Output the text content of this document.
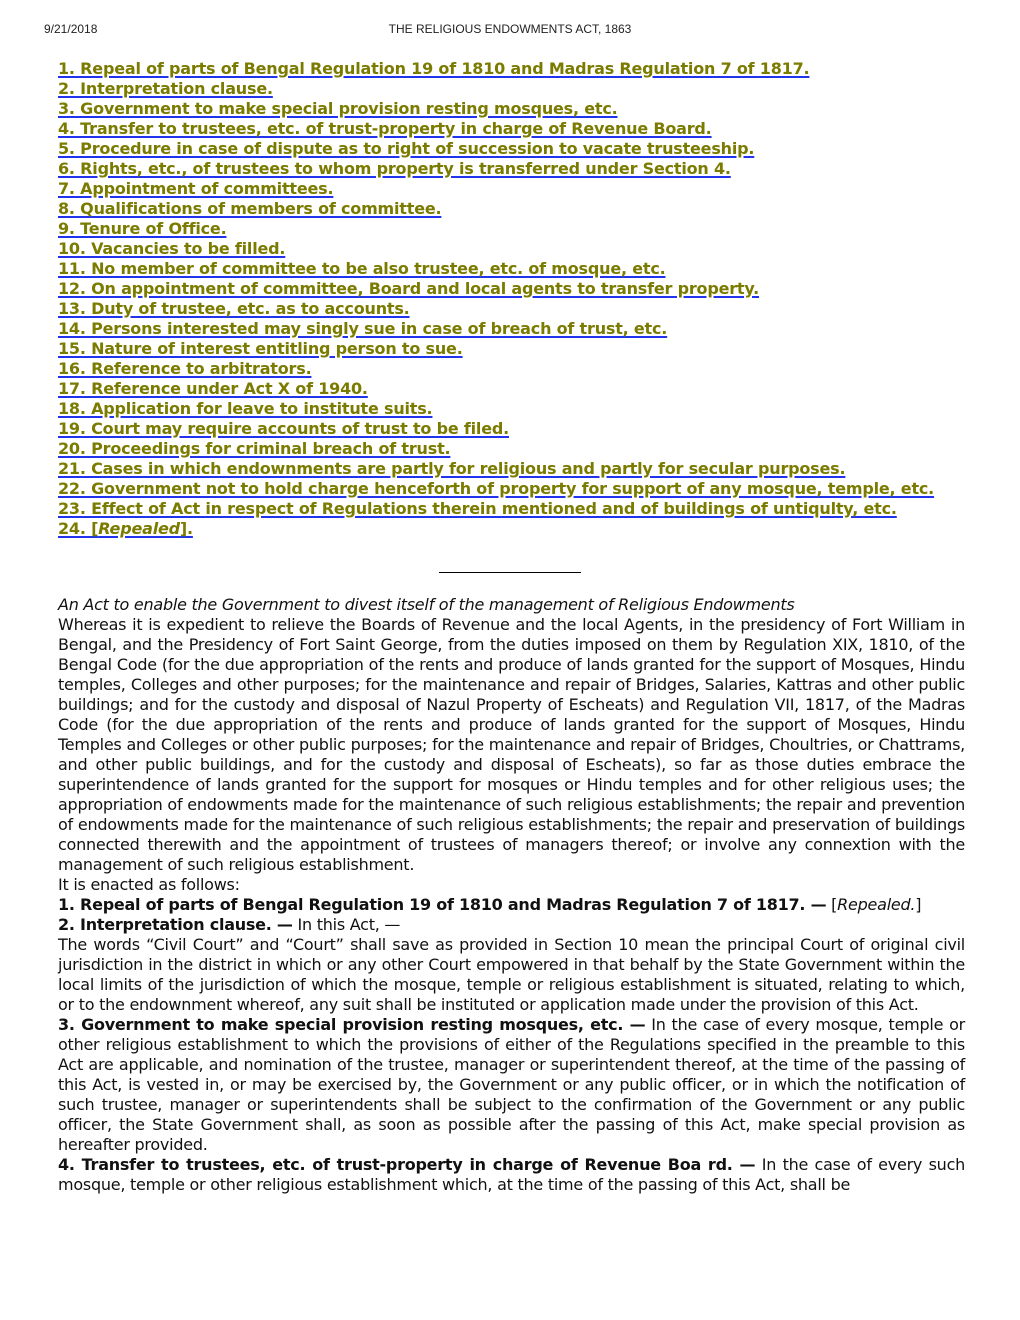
9/21/2018	THE RELIGIOUS ENDOWMENTS ACT, 1863
1. Repeal of parts of Bengal Regulation 19 of 1810 and Madras Regulation 7 of 1817.
2. Interpretation clause.
3. Government to make special provision resting mosques, etc.
4. Transfer to trustees, etc. of trust-property in charge of Revenue Board.
5. Procedure in case of dispute as to right of succession to vacate trusteeship.
6. Rights, etc., of trustees to whom property is transferred under Section 4.
7. Appointment of committees.
8. Qualifications of members of committee.
9. Tenure of Office.
10. Vacancies to be filled.
11. No member of committee to be also trustee, etc. of mosque, etc.
12. On appointment of committee, Board and local agents to transfer property.
13. Duty of trustee, etc. as to accounts.
14. Persons interested may singly sue in case of breach of trust, etc.
15. Nature of interest entitling person to sue.
16. Reference to arbitrators.
17. Reference under Act X of 1940.
18. Application for leave to institute suits.
19. Court may require accounts of trust to be filed.
20. Proceedings for criminal breach of trust.
21. Cases in which endownments are partly for religious and partly for secular purposes.
22. Government not to hold charge henceforth of property for support of any mosque, temple, etc.
23. Effect of Act in respect of Regulations therein mentioned and of buildings of untiqulty, etc.
24. [Repealed].

An Act to enable the Government to divest itself of the management of Religious Endowments

Whereas it is expedient to relieve the Boards of Revenue and the local Agents, in the presidency of Fort William in Bengal, and the Presidency of Fort Saint George, from the duties imposed on them by Regulation XIX, 1810, of the Bengal Code (for the due appropriation of the rents and produce of lands granted for the support of Mosques, Hindu temples, Colleges and other purposes; for the maintenance and repair of Bridges, Salaries, Kattras and other public buildings; and for the custody and disposal of Nazul Property of Escheats) and Regulation VII, 1817, of the Madras Code (for the due appropriation of the rents and produce of lands granted for the support of Mosques, Hindu Temples and Colleges or other public purposes; for the maintenance and repair of Bridges, Choultries, or Chattrams, and other public buildings, and for the custody and disposal of Escheats), so far as those duties embrace the superintendence of lands granted for the support for mosques or Hindu temples and for other religious uses; the appropriation of endowments made for the maintenance of such religious establishments; the repair and prevention of endowments made for the maintenance of such religious establishments; the repair and preservation of buildings connected therewith and the appointment of trustees of managers thereof; or involve any connextion with the management of such religious establishment.

It is enacted as follows:

1. Repeal of parts of Bengal Regulation 19 of 1810 and Madras Regulation 7 of 1817. — [Repealed.]

2. Interpretation clause. — In this Act, —

The words “Civil Court” and “Court” shall save as provided in Section 10 mean the principal Court of original civil jurisdiction in the district in which or any other Court empowered in that behalf by the State Government within the local limits of the jurisdiction of which the mosque, temple or religious establishment is situated, relating to which, or to the endownment whereof, any suit shall be instituted or application made under the provision of this Act.

3. Government to make special provision resting mosques, etc. — In the case of every mosque, temple or other religious establishment to which the provisions of either of the Regulations specified in the preamble to this Act are applicable, and nomination of the trustee, manager or superintendent thereof, at the time of the passing of this Act, is vested in, or may be exercised by, the Government or any public officer, or in which the notification of such trustee, manager or superintendents shall be subject to the confirmation of the Government or any public officer, the State Government shall, as soon as possible after the passing of this Act, make special provision as hereafter provided.

4. Transfer to trustees, etc. of trust-property in charge of Revenue Boa rd. — In the case of every such mosque, temple or other religious establishment which, at the time of the passing of this Act, shall be
